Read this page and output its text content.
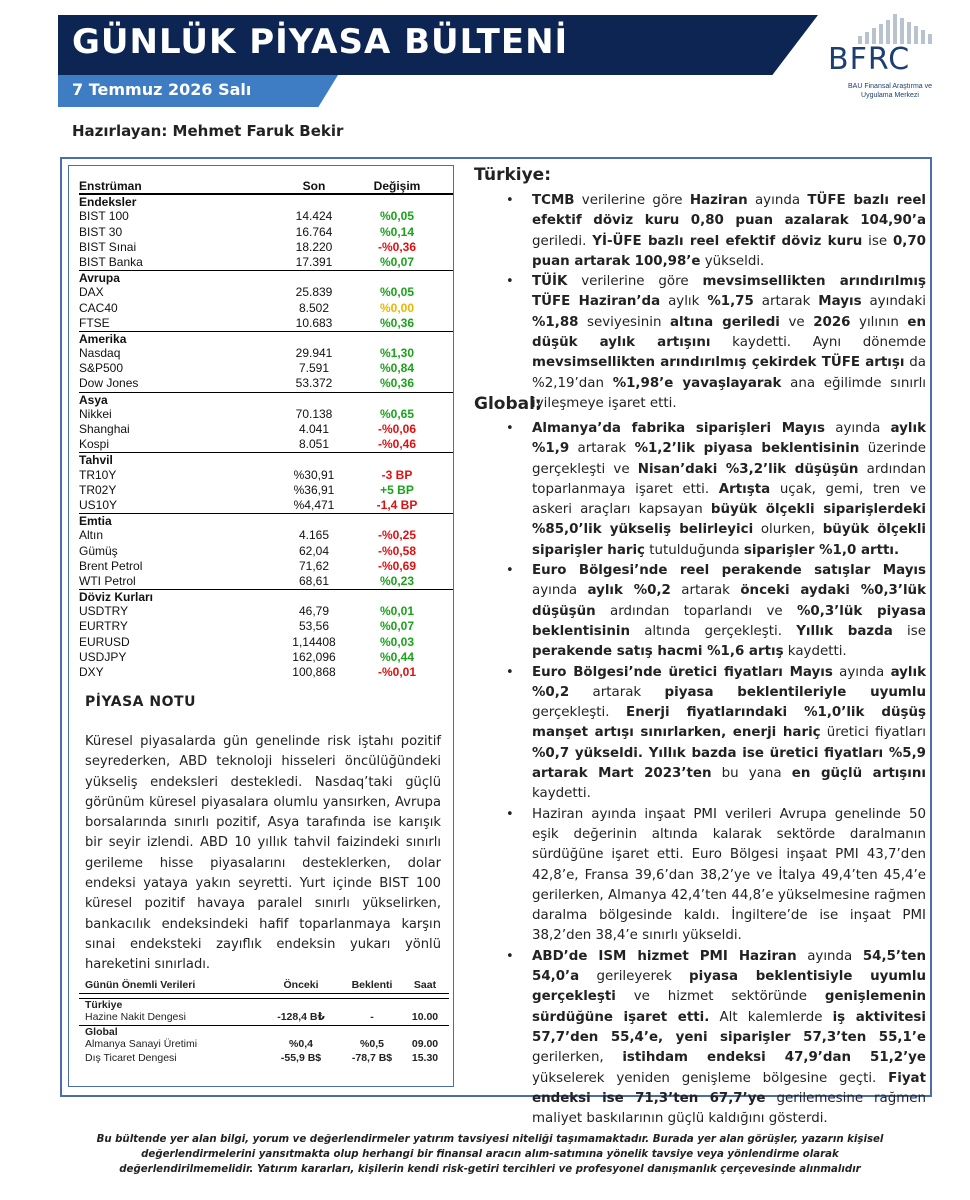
GÜNLÜK PİYASA BÜLTENİ
7 Temmuz 2026 Salı
BFRC
BAU Finansal Araştırma ve Uygulama Merkezi
Hazırlayan: Mehmet Faruk Bekir
Enstrüman	Son	Değişim
Endeksler
BIST 100	14.424	%0,05
BIST 30	16.764	%0,14
BIST Sınai	18.220	-%0,36
BIST Banka	17.391	%0,07
Avrupa
DAX	25.839	%0,05
CAC40	8.502	%0,00
FTSE	10.683	%0,36
Amerika
Nasdaq	29.941	%1,30
S&P500	7.591	%0,84
Dow Jones	53.372	%0,36
Asya
Nikkei	70.138	%0,65
Shanghai	4.041	-%0,06
Kospi	8.051	-%0,46
Tahvil
TR10Y	%30,91	-3 BP
TR02Y	%36,91	+5 BP
US10Y	%4,471	-1,4 BP
Emtia
Altın	4.165	-%0,25
Gümüş	62,04	-%0,58
Brent Petrol	71,62	-%0,69
WTI Petrol	68,61	%0,23
Döviz Kurları
USDTRY	46,79	%0,01
EURTRY	53,56	%0,07
EURUSD	1,14408	%0,03
USDJPY	162,096	%0,44
DXY	100,868	-%0,01
PİYASA NOTU
Küresel piyasalarda gün genelinde risk iştahı pozitif seyrederken, ABD teknoloji hisseleri öncülüğündeki yükseliş endeksleri destekledi. Nasdaq’taki güçlü görünüm küresel piyasalara olumlu yansırken, Avrupa borsalarında sınırlı pozitif, Asya tarafında ise karışık bir seyir izlendi. ABD 10 yıllık tahvil faizindeki sınırlı gerileme hisse piyasalarını desteklerken, dolar endeksi yataya yakın seyretti. Yurt içinde BIST 100 küresel pozitif havaya paralel sınırlı yükselirken, bankacılık endeksindeki hafif toparlanmaya karşın sınai endeksteki zayıflık endeksin yukarı yönlü hareketini sınırladı.
Günün Önemli Verileri	Önceki	Beklenti	Saat
Türkiye
Hazine Nakit Dengesi	-128,4 B₺	-	10.00
Global
Almanya Sanayi Üretimi	%0,4	%0,5	09.00
Dış Ticaret Dengesi	-55,9 B$	-78,7 B$	15.30
Türkiye:
• TCMB verilerine göre Haziran ayında TÜFE bazlı reel efektif döviz kuru 0,80 puan azalarak 104,90’a geriledi. Yİ-ÜFE bazlı reel efektif döviz kuru ise 0,70 puan artarak 100,98’e yükseldi.
• TÜİK verilerine göre mevsimsellikten arındırılmış TÜFE Haziran’da aylık %1,75 artarak Mayıs ayındaki %1,88 seviyesinin altına geriledi ve 2026 yılının en düşük aylık artışını kaydetti. Aynı dönemde mevsimsellikten arındırılmış çekirdek TÜFE artışı da %2,19’dan %1,98’e yavaşlayarak ana eğilimde sınırlı iyileşmeye işaret etti.
Global:
• Almanya’da fabrika siparişleri Mayıs ayında aylık %1,9 artarak %1,2’lik piyasa beklentisinin üzerinde gerçekleşti ve Nisan’daki %3,2’lik düşüşün ardından toparlanmaya işaret etti. Artışta uçak, gemi, tren ve askeri araçları kapsayan büyük ölçekli siparişlerdeki %85,0’lik yükseliş belirleyici olurken, büyük ölçekli siparişler hariç tutulduğunda siparişler %1,0 arttı.
• Euro Bölgesi’nde reel perakende satışlar Mayıs ayında aylık %0,2 artarak önceki aydaki %0,3’lük düşüşün ardından toparlandı ve %0,3’lük piyasa beklentisinin altında gerçekleşti. Yıllık bazda ise perakende satış hacmi %1,6 artış kaydetti.
• Euro Bölgesi’nde üretici fiyatları Mayıs ayında aylık %0,2 artarak piyasa beklentileriyle uyumlu gerçekleşti. Enerji fiyatlarındaki %1,0’lik düşüş manşet artışı sınırlarken, enerji hariç üretici fiyatları %0,7 yükseldi. Yıllık bazda ise üretici fiyatları %5,9 artarak Mart 2023’ten bu yana en güçlü artışını kaydetti.
• Haziran ayında inşaat PMI verileri Avrupa genelinde 50 eşik değerinin altında kalarak sektörde daralmanın sürdüğüne işaret etti. Euro Bölgesi inşaat PMI 43,7’den 42,8’e, Fransa 39,6’dan 38,2’ye ve İtalya 49,4’ten 45,4’e gerilerken, Almanya 42,4’ten 44,8’e yükselmesine rağmen daralma bölgesinde kaldı. İngiltere’de ise inşaat PMI 38,2’den 38,4’e sınırlı yükseldi.
• ABD’de ISM hizmet PMI Haziran ayında 54,5’ten 54,0’a gerileyerek piyasa beklentisiyle uyumlu gerçekleşti ve hizmet sektöründe genişlemenin sürdüğüne işaret etti. Alt kalemlerde iş aktivitesi 57,7’den 55,4’e, yeni siparişler 57,3’ten 55,1’e gerilerken, istihdam endeksi 47,9’dan 51,2’ye yükselerek yeniden genişleme bölgesine geçti. Fiyat endeksi ise 71,3’ten 67,7’ye gerilemesine rağmen maliyet baskılarının güçlü kaldığını gösterdi.
Bu bültende yer alan bilgi, yorum ve değerlendirmeler yatırım tavsiyesi niteliği taşımamaktadır. Burada yer alan görüşler, yazarın kişisel değerlendirmelerini yansıtmakta olup herhangi bir finansal aracın alım-satımına yönelik tavsiye veya yönlendirme olarak değerlendirilmemelidir. Yatırım kararları, kişilerin kendi risk-getiri tercihleri ve profesyonel danışmanlık çerçevesinde alınmalıdır
